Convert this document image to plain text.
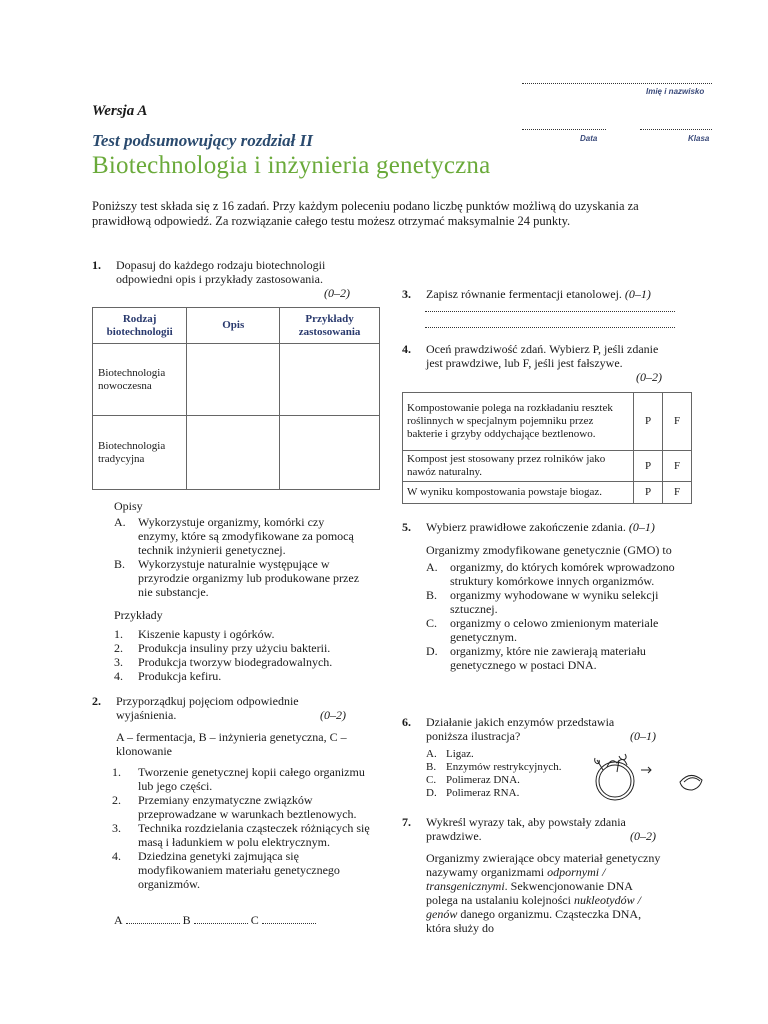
Imię i nazwisko
Data	Klasa
Wersja A
Test podsumowujący rozdział II
Biotechnologia i inżynieria genetyczna
Poniższy test składa się z 16 zadań. Przy każdym poleceniu podano liczbę punktów możliwą do uzyskania za prawidłową odpowiedź. Za rozwiązanie całego testu możesz otrzymać maksymalnie 24 punkty.
1. Dopasuj do każdego rodzaju biotechnologii odpowiedni opis i przykłady zastosowania.
(0–2)
Rodzaj biotechnologii	Opis	Przykłady zastosowania
Biotechnologia nowoczesna		
Biotechnologia tradycyjna		
Opisy
A.	Wykorzystuje organizmy, komórki czy enzymy, które są zmodyfikowane za pomocą technik inżynierii genetycznej.
B.	Wykorzystuje naturalnie występujące w przyrodzie organizmy lub produkowane przez nie substancje.
Przykłady
1.	Kiszenie kapusty i ogórków.
2.	Produkcja insuliny przy użyciu bakterii.
3.	Produkcja tworzyw biodegradowalnych.
4.	Produkcja kefiru.
2. Przyporządkuj pojęciom odpowiednie wyjaśnienia.	(0–2)
A – fermentacja, B – inżynieria genetyczna, C – klonowanie
1.	Tworzenie genetycznej kopii całego organizmu lub jego części.
2.	Przemiany enzymatyczne związków przeprowadzane w warunkach beztlenowych.
3.	Technika rozdzielania cząsteczek różniących się masą i ładunkiem w polu elektrycznym.
4.	Dziedzina genetyki zajmująca się modyfikowaniem materiału genetycznego organizmów.
A	B	C
3. Zapisz równanie fermentacji etanolowej. (0–1)
4. Oceń prawdziwość zdań. Wybierz P, jeśli zdanie jest prawdziwe, lub F, jeśli jest fałszywe.
(0–2)
Kompostowanie polega na rozkładaniu resztek roślinnych w specjalnym pojemniku przez bakterie i grzyby oddychające beztlenowo.	P	F
Kompost jest stosowany przez rolników jako nawóz naturalny.	P	F
W wyniku kompostowania powstaje biogaz.	P	F
5. Wybierz prawidłowe zakończenie zdania. (0–1)
Organizmy zmodyfikowane genetycznie (GMO) to
A.	organizmy, do których komórek wprowadzono struktury komórkowe innych organizmów.
B.	organizmy wyhodowane w wyniku selekcji sztucznej.
C.	organizmy o celowo zmienionym materiale genetycznym.
D.	organizmy, które nie zawierają materiału genetycznego w postaci DNA.
6. Działanie jakich enzymów przedstawia poniższa ilustracja?	(0–1)
A. Ligaz.
B. Enzymów restrykcyjnych.
C. Polimeraz DNA.
D. Polimeraz RNA.
7. Wykreśl wyrazy tak, aby powstały zdania prawdziwe.	(0–2)
Organizmy zwierające obcy materiał genetyczny nazywamy organizmami odpornymi / transgenicznymi. Sekwencjonowanie DNA polega na ustalaniu kolejności nukleotydów / genów danego organizmu. Cząsteczka DNA, która służy do
